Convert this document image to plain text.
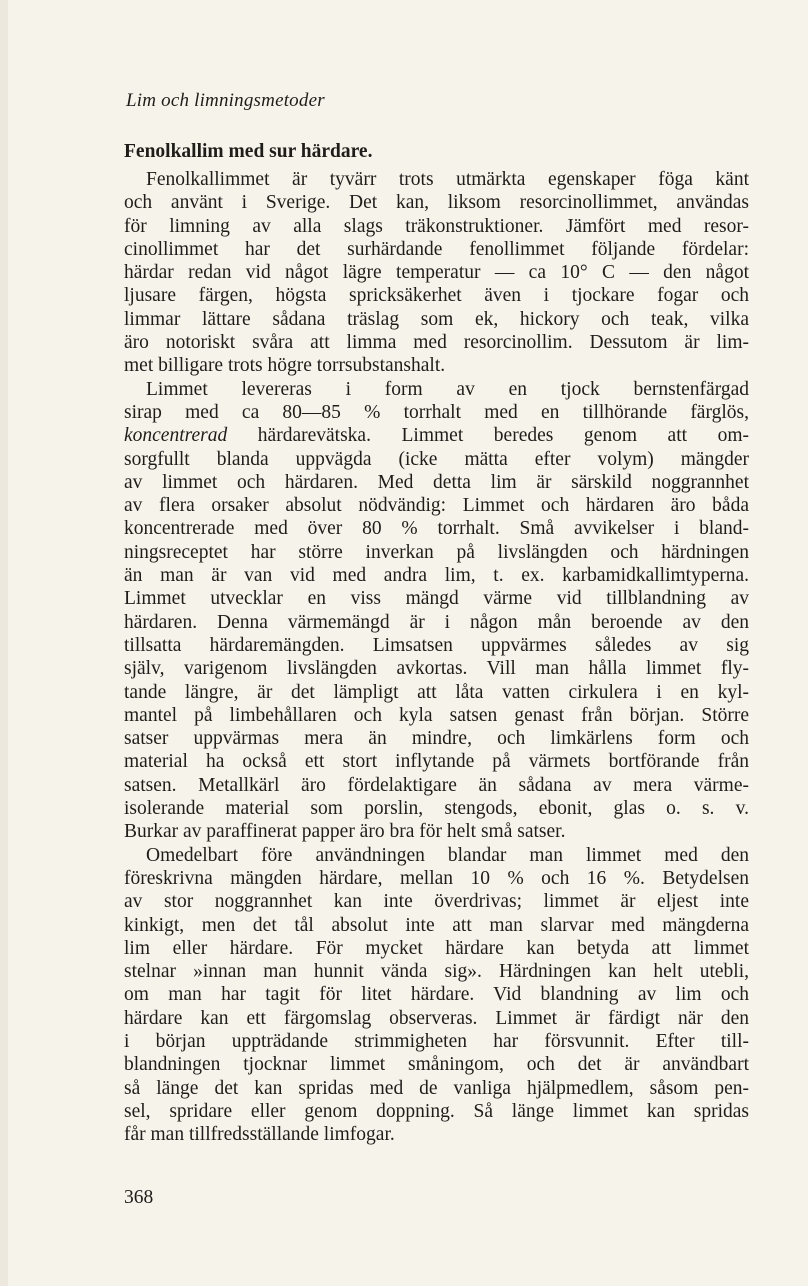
Lim och limningsmetoder
Fenolkallim med sur härdare.
Fenolkallimmet är tyvärr trots utmärkta egenskaper föga känt
och använt i Sverige. Det kan, liksom resorcinollimmet, användas
för limning av alla slags träkonstruktioner. Jämfört med resor-
cinollimmet har det surhärdande fenollimmet följande fördelar:
härdar redan vid något lägre temperatur — ca 10° C — den något
ljusare färgen, högsta spricksäkerhet även i tjockare fogar och
limmar lättare sådana träslag som ek, hickory och teak, vilka
äro notoriskt svåra att limma med resorcinollim. Dessutom är lim-
met billigare trots högre torrsubstanshalt.
Limmet levereras i form av en tjock bernstenfärgad
sirap med ca 80—85 % torrhalt med en tillhörande färglös,
koncentrerad härdarevätska. Limmet beredes genom att om-
sorgfullt blanda uppvägda (icke mätta efter volym) mängder
av limmet och härdaren. Med detta lim är särskild noggrannhet
av flera orsaker absolut nödvändig: Limmet och härdaren äro båda
koncentrerade med över 80 % torrhalt. Små avvikelser i bland-
ningsreceptet har större inverkan på livslängden och härdningen
än man är van vid med andra lim, t. ex. karbamidkallimtyperna.
Limmet utvecklar en viss mängd värme vid tillblandning av
härdaren. Denna värmemängd är i någon mån beroende av den
tillsatta härdaremängden. Limsatsen uppvärmes således av sig
själv, varigenom livslängden avkortas. Vill man hålla limmet fly-
tande längre, är det lämpligt att låta vatten cirkulera i en kyl-
mantel på limbehållaren och kyla satsen genast från början. Större
satser uppvärmas mera än mindre, och limkärlens form och
material ha också ett stort inflytande på värmets bortförande från
satsen. Metallkärl äro fördelaktigare än sådana av mera värme-
isolerande material som porslin, stengods, ebonit, glas o. s. v.
Burkar av paraffinerat papper äro bra för helt små satser.
Omedelbart före användningen blandar man limmet med den
föreskrivna mängden härdare, mellan 10 % och 16 %. Betydelsen
av stor noggrannhet kan inte överdrivas; limmet är eljest inte
kinkigt, men det tål absolut inte att man slarvar med mängderna
lim eller härdare. För mycket härdare kan betyda att limmet
stelnar »innan man hunnit vända sig». Härdningen kan helt utebli,
om man har tagit för litet härdare. Vid blandning av lim och
härdare kan ett färgomslag observeras. Limmet är färdigt när den
i början uppträdande strimmigheten har försvunnit. Efter till-
blandningen tjocknar limmet småningom, och det är användbart
så länge det kan spridas med de vanliga hjälpmedlem, såsom pen-
sel, spridare eller genom doppning. Så länge limmet kan spridas
får man tillfredsställande limfogar.
368
